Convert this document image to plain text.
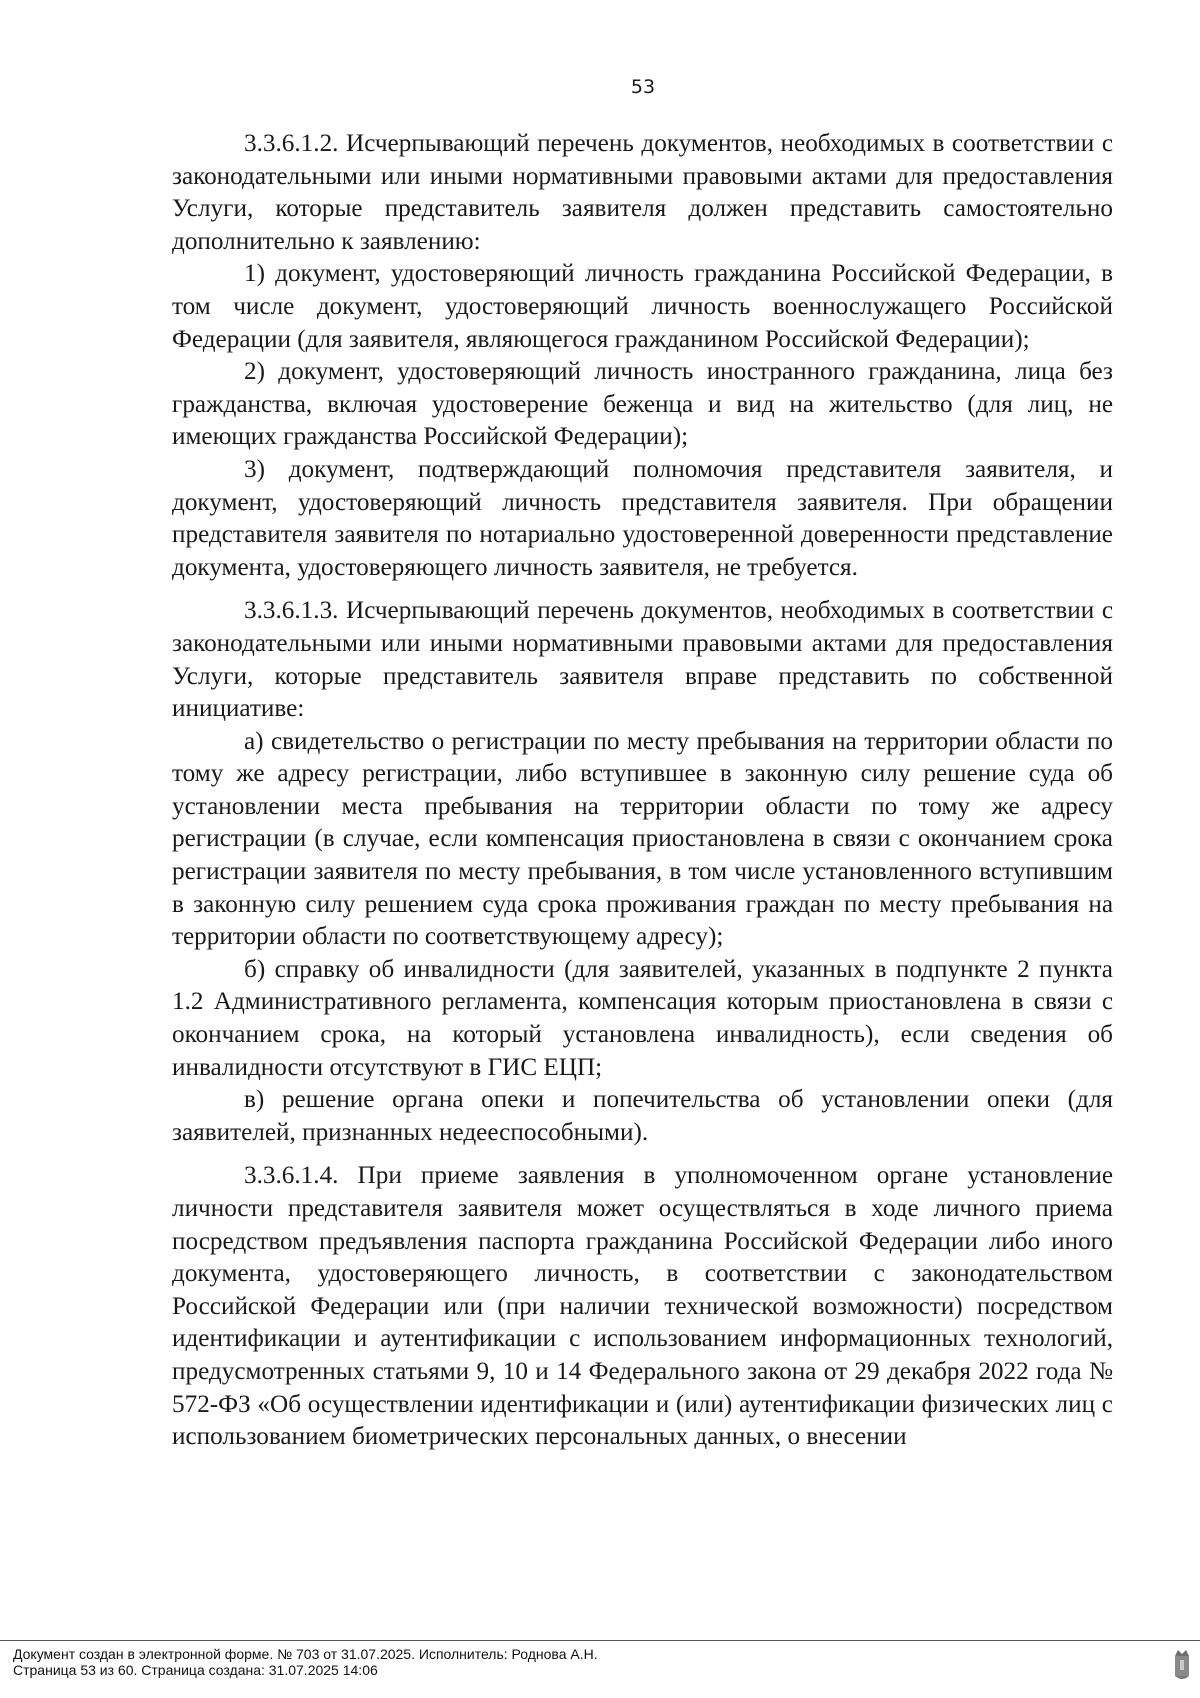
53

3.3.6.1.2. Исчерпывающий перечень документов, необходимых в соответствии с законодательными или иными нормативными правовыми актами для предоставления Услуги, которые представитель заявителя должен представить самостоятельно дополнительно к заявлению:

1) документ, удостоверяющий личность гражданина Российской Федерации, в том числе документ, удостоверяющий личность военнослужащего Российской Федерации (для заявителя, являющегося гражданином Российской Федерации);

2) документ, удостоверяющий личность иностранного гражданина, лица без гражданства, включая удостоверение беженца и вид на жительство (для лиц, не имеющих гражданства Российской Федерации);

3) документ, подтверждающий полномочия представителя заявителя, и документ, удостоверяющий личность представителя заявителя. При обращении представителя заявителя по нотариально удостоверенной доверенности представление документа, удостоверяющего личность заявителя, не требуется.

3.3.6.1.3. Исчерпывающий перечень документов, необходимых в соответствии с законодательными или иными нормативными правовыми актами для предоставления Услуги, которые представитель заявителя вправе представить по собственной инициативе:

а) свидетельство о регистрации по месту пребывания на территории области по тому же адресу регистрации, либо вступившее в законную силу решение суда об установлении места пребывания на территории области по тому же адресу регистрации (в случае, если компенсация приостановлена в связи с окончанием срока регистрации заявителя по месту пребывания, в том числе установленного вступившим в законную силу решением суда срока проживания граждан по месту пребывания на территории области по соответствующему адресу);

б) справку об инвалидности (для заявителей, указанных в подпункте 2 пункта 1.2 Административного регламента, компенсация которым приостановлена в связи с окончанием срока, на который установлена инвалидность), если сведения об инвалидности отсутствуют в ГИС ЕЦП;

в) решение органа опеки и попечительства об установлении опеки (для заявителей, признанных недееспособными).

3.3.6.1.4. При приеме заявления в уполномоченном органе установление личности представителя заявителя может осуществляться в ходе личного приема посредством предъявления паспорта гражданина Российской Федерации либо иного документа, удостоверяющего личность, в соответствии с законодательством Российской Федерации или (при наличии технической возможности) посредством идентификации и аутентификации с использованием информационных технологий, предусмотренных статьями 9, 10 и 14 Федерального закона от 29 декабря 2022 года № 572-ФЗ «Об осуществлении идентификации и (или) аутентификации физических лиц с использованием биометрических персональных данных, о внесении

Документ создан в электронной форме. № 703 от 31.07.2025. Исполнитель: Роднова А.Н.
Страница 53 из 60. Страница создана: 31.07.2025 14:06
